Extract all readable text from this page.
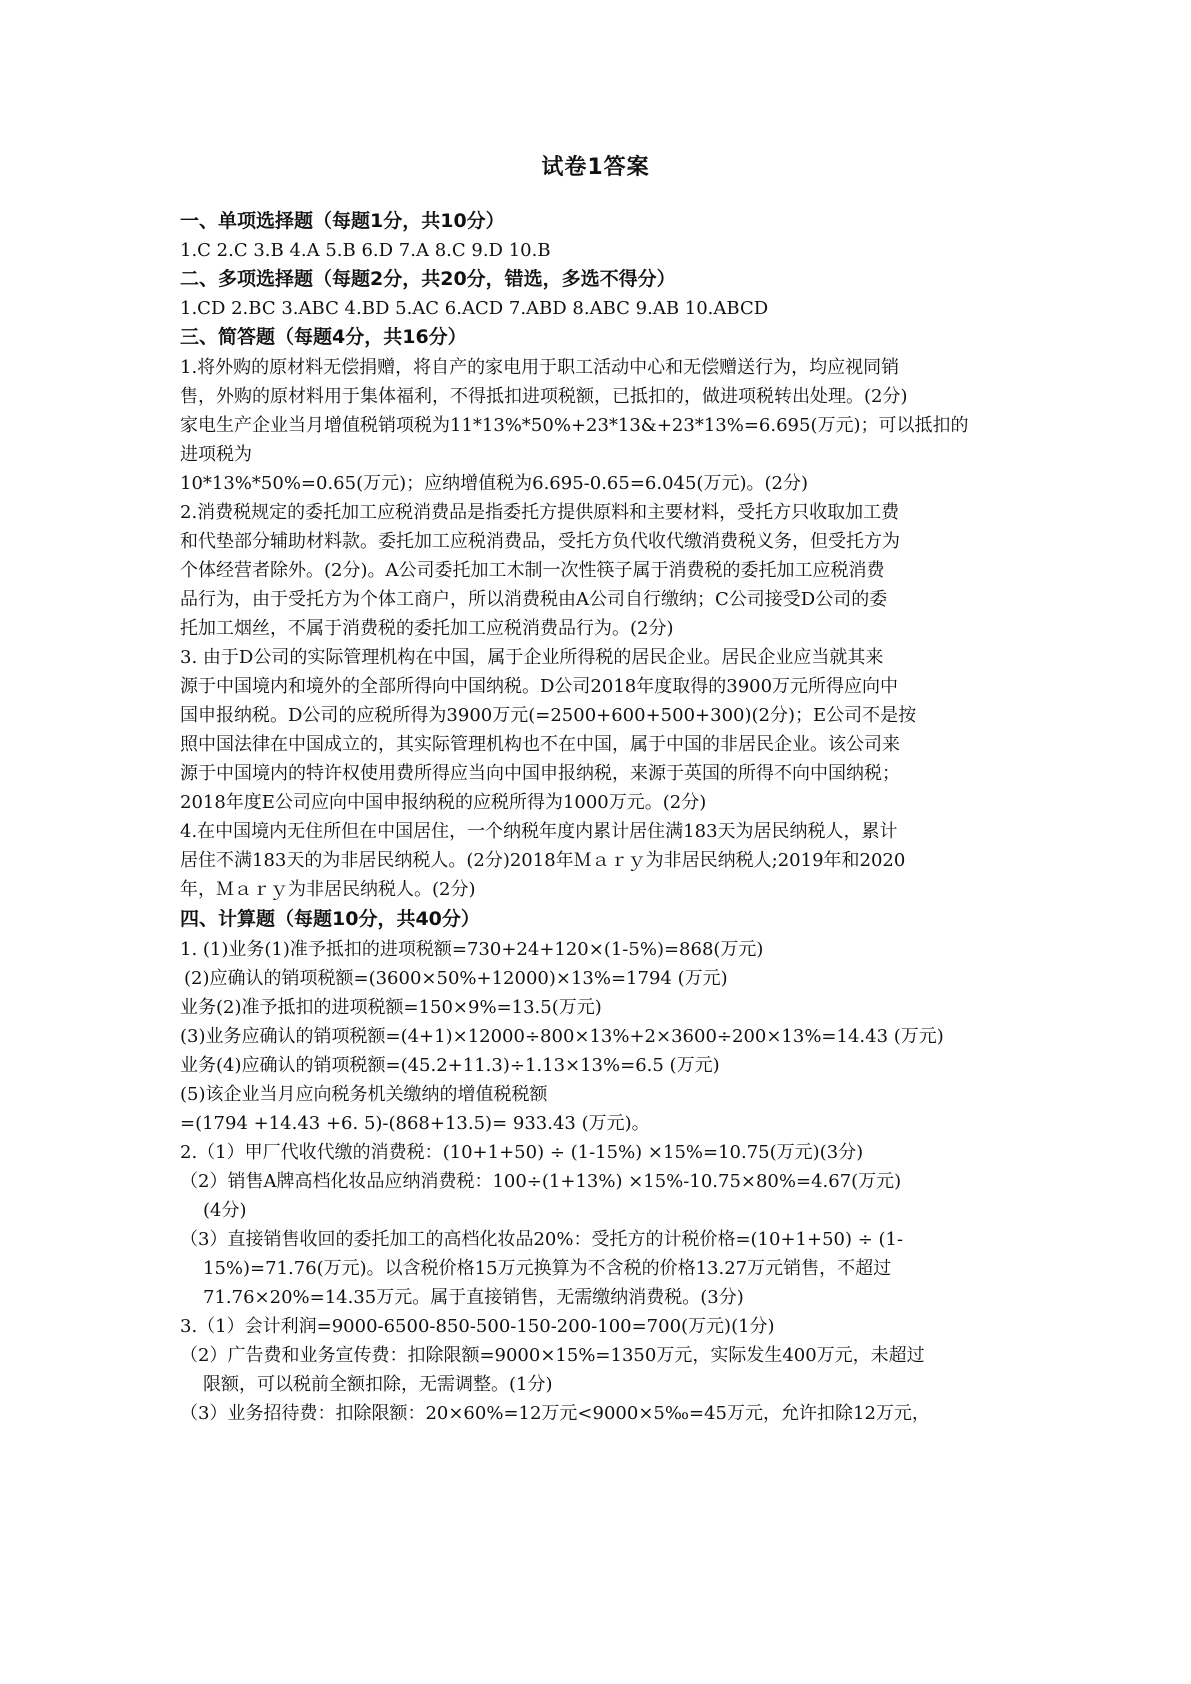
试卷1答案
一、单项选择题（每题1分，共10分）
1.C 2.C 3.B 4.A 5.B 6.D 7.A 8.C 9.D 10.B
二、多项选择题（每题2分，共20分，错选，多选不得分）
1.CD 2.BC 3.ABC 4.BD 5.AC 6.ACD 7.ABD 8.ABC 9.AB 10.ABCD
三、简答题（每题4分，共16分）
1.将外购的原材料无偿捐赠，将自产的家电用于职工活动中心和无偿赠送行为，均应视同销
售，外购的原材料用于集体福利，不得抵扣进项税额，已抵扣的，做进项税转出处理。(2分)
家电生产企业当月增值税销项税为11*13%*50%+23*13&+23*13%=6.695(万元)；可以抵扣的
进项税为
10*13%*50%=0.65(万元)；应纳增值税为6.695-0.65=6.045(万元)。(2分)
2.消费税规定的委托加工应税消费品是指委托方提供原料和主要材料，受托方只收取加工费
和代垫部分辅助材料款。委托加工应税消费品，受托方负代收代缴消费税义务，但受托方为
个体经营者除外。(2分)。A公司委托加工木制一次性筷子属于消费税的委托加工应税消费
品行为，由于受托方为个体工商户，所以消费税由A公司自行缴纳；C公司接受D公司的委
托加工烟丝，不属于消费税的委托加工应税消费品行为。(2分)
3. 由于D公司的实际管理机构在中国，属于企业所得税的居民企业。居民企业应当就其来
源于中国境内和境外的全部所得向中国纳税。D公司2018年度取得的3900万元所得应向中
国申报纳税。D公司的应税所得为3900万元(=2500+600+500+300)(2分)；E公司不是按
照中国法律在中国成立的，其实际管理机构也不在中国，属于中国的非居民企业。该公司来
源于中国境内的特许权使用费所得应当向中国申报纳税，来源于英国的所得不向中国纳税；
2018年度E公司应向中国申报纳税的应税所得为1000万元。(2分)
4.在中国境内无住所但在中国居住，一个纳税年度内累计居住满183天为居民纳税人，累计
居住不满183天的为非居民纳税人。(2分)2018年Ｍａｒｙ为非居民纳税人;2019年和2020
年，Ｍａｒｙ为非居民纳税人。(2分)
四、计算题（每题10分，共40分）
1. (1)业务(1)准予抵扣的进项税额=730+24+120×(1-5%)=868(万元)
(2)应确认的销项税额=(3600×50%+12000)×13%=1794 (万元)
业务(2)准予抵扣的进项税额=150×9%=13.5(万元)
(3)业务应确认的销项税额=(4+1)×12000÷800×13%+2×3600÷200×13%=14.43 (万元)
业务(4)应确认的销项税额=(45.2+11.3)÷1.13×13%=6.5 (万元)
(5)该企业当月应向税务机关缴纳的增值税税额
=(1794 +14.43 +6. 5)-(868+13.5)= 933.43 (万元)。
2.（1）甲厂代收代缴的消费税：(10+1+50) ÷ (1-15%) ×15%=10.75(万元)(3分)
（2）销售A牌高档化妆品应纳消费税：100÷(1+13%) ×15%-10.75×80%=4.67(万元)
(4分)
（3）直接销售收回的委托加工的高档化妆品20%：受托方的计税价格=(10+1+50) ÷ (1-
15%)=71.76(万元)。以含税价格15万元换算为不含税的价格13.27万元销售，不超过
71.76×20%=14.35万元。属于直接销售，无需缴纳消费税。(3分)
3.（1）会计利润=9000-6500-850-500-150-200-100=700(万元)(1分)
（2）广告费和业务宣传费：扣除限额=9000×15%=1350万元，实际发生400万元，未超过
限额，可以税前全额扣除，无需调整。(1分)
（3）业务招待费：扣除限额：20×60%=12万元<9000×5‰=45万元，允许扣除12万元，
